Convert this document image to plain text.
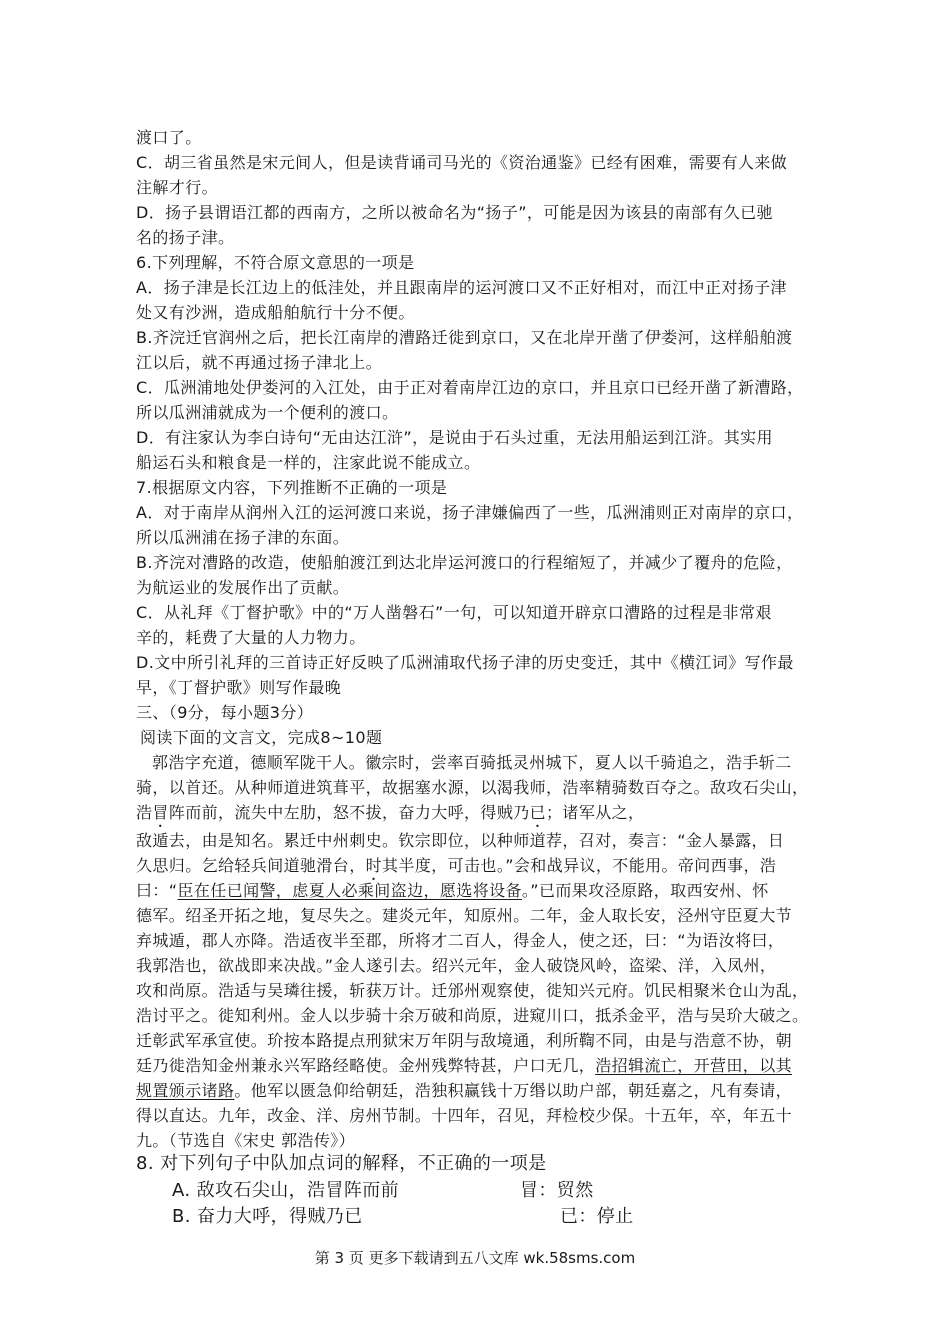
渡口了。
C．胡三省虽然是宋元间人，但是读背诵司马光的《资治通鉴》已经有困难，需要有人来做
注解才行。
D．扬子县谓语江都的西南方，之所以被命名为“扬子”，可能是因为该县的南部有久已驰
名的扬子津。
6.下列理解，不符合原文意思的一项是
A．扬子津是长江边上的低洼处，并且跟南岸的运河渡口又不正好相对，而江中正对扬子津
处又有沙洲，造成船舶航行十分不便。
B.齐浣迁官润州之后，把长江南岸的漕路迁徙到京口，又在北岸开凿了伊娄河，这样船舶渡
江以后，就不再通过扬子津北上。
C．瓜洲浦地处伊娄河的入江处，由于正对着南岸江边的京口，并且京口已经开凿了新漕路，
所以瓜洲浦就成为一个便利的渡口。
D．有注家认为李白诗句“无由达江浒”，是说由于石头过重，无法用船运到江浒。其实用
船运石头和粮食是一样的，注家此说不能成立。
7.根据原文内容，下列推断不正确的一项是
A．对于南岸从润州入江的运河渡口来说，扬子津嫌偏西了一些，瓜洲浦则正对南岸的京口，
所以瓜洲浦在扬子津的东面。
B.齐浣对漕路的改造，使船舶渡江到达北岸运河渡口的行程缩短了，并减少了覆舟的危险，
为航运业的发展作出了贡献。
C．从礼拜《丁督护歌》中的“万人凿磐石”一句，可以知道开辟京口漕路的过程是非常艰
辛的，耗费了大量的人力物力。
D.文中所引礼拜的三首诗正好反映了瓜洲浦取代扬子津的历史变迁，其中《横江词》写作最
早，《丁督护歌》则写作最晚
三、（9分，每小题3分）
阅读下面的文言文，完成8~10题
郭浩字充道，德顺军陇干人。徽宗时，尝率百骑抵灵州城下，夏人以千骑追之，浩手斩二
骑，以首还。从种师道进筑葺平，故据塞水源，以渴我师，浩率精骑数百夺之。敌攻石尖山，
浩冒阵而前，流失中左肋，怒不拔，奋力大呼，得贼乃已；诸军从之，
敌遁去，由是知名。累迁中州刺史。钦宗即位，以种师道荐，召对，奏言：“金人暴露，日
久思归。乞给轻兵间道驰滑台，时其半度，可击也。”会和战异议，不能用。帝问西事，浩
曰：“臣在任已闻警，虑夏人必乘间盗边，愿选将设备。”已而果攻泾原路，取西安州、怀
德军。绍圣开拓之地，复尽失之。建炎元年，知原州。二年，金人取长安，泾州守臣夏大节
弃城遁，郡人亦降。浩适夜半至郡，所将才二百人，得金人，使之还，曰：“为语汝将曰，
我郭浩也，欲战即来决战。”金人遂引去。绍兴元年，金人破饶风岭，盗梁、洋，入凤州，
攻和尚原。浩适与吴璘往援，斩获万计。迁邠州观察使，徙知兴元府。饥民相聚米仓山为乱，
浩讨平之。徙知利州。金人以步骑十余万破和尚原，进窥川口，抵杀金平，浩与吴玠大破之。
迁彰武军承宣使。玠按本路提点刑狱宋万年阴与敌境通，利所鞫不同，由是与浩意不协，朝
廷乃徙浩知金州兼永兴军路经略使。金州残弊特甚，户口无几，浩招辑流亡，开营田，以其
规置颁示诸路。他军以匮急仰给朝廷，浩独积赢钱十万缗以助户部，朝廷嘉之，凡有奏请，
得以直达。九年，改金、洋、房州节制。十四年，召见，拜检校少保。十五年，卒，年五十
九。（节选自《宋史 郭浩传》）
8. 对下列句子中队加点词的解释，不正确的一项是
A. 敌攻石尖山，浩冒阵而前	冒：贸然
B. 奋力大呼，得贼乃已	已：停止
第 3 页 更多下载请到五八文库 wk.58sms.com
